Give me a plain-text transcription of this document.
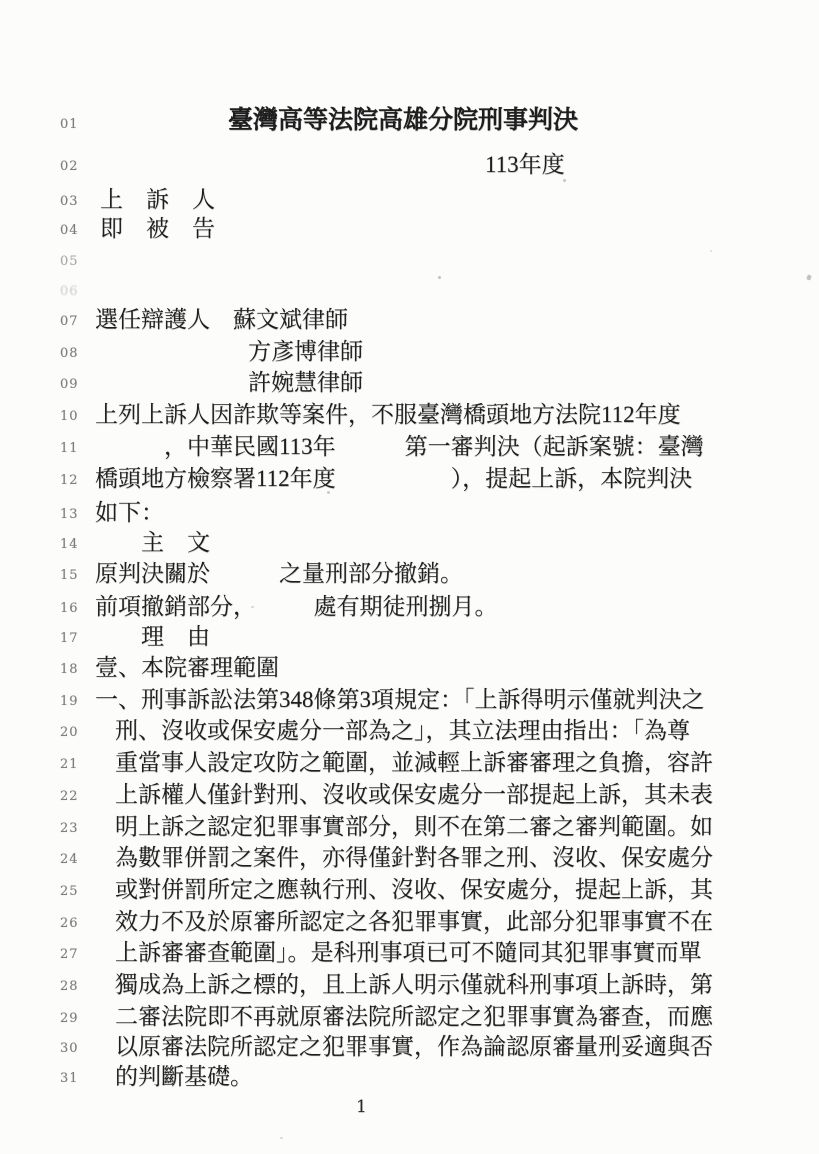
01	臺灣高等法院高雄分院刑事判決
02	113年度
03 上　訴　人
04 即　被　告
05
06
07 選任辯護人　蘇文斌律師
08 　　　　　　方彥博律師
09 　　　　　　許婉慧律師
10 上列上訴人因詐欺等案件，不服臺灣橋頭地方法院112年度
11 　　　，中華民國113年　　　第一審判決（起訴案號：臺灣
12 橋頭地方檢察署112年度　　　　　），提起上訴，本院判決
13 如下：
14 　　主　文
15 原判決關於　　　之量刑部分撤銷。
16 前項撤銷部分，　　　處有期徒刑捌月。
17 　　理　由
18 壹、本院審理範圍
19 一、刑事訴訟法第348條第3項規定：「上訴得明示僅就判決之
20 刑、沒收或保安處分一部為之」，其立法理由指出：「為尊
21 重當事人設定攻防之範圍，並減輕上訴審審理之負擔，容許
22 上訴權人僅針對刑、沒收或保安處分一部提起上訴，其未表
23 明上訴之認定犯罪事實部分，則不在第二審之審判範圍。如
24 為數罪併罰之案件，亦得僅針對各罪之刑、沒收、保安處分
25 或對併罰所定之應執行刑、沒收、保安處分，提起上訴，其
26 效力不及於原審所認定之各犯罪事實，此部分犯罪事實不在
27 上訴審審查範圍」。是科刑事項已可不隨同其犯罪事實而單
28 獨成為上訴之標的，且上訴人明示僅就科刑事項上訴時，第
29 二審法院即不再就原審法院所認定之犯罪事實為審查，而應
30 以原審法院所認定之犯罪事實，作為論認原審量刑妥適與否
31 的判斷基礎。
1
